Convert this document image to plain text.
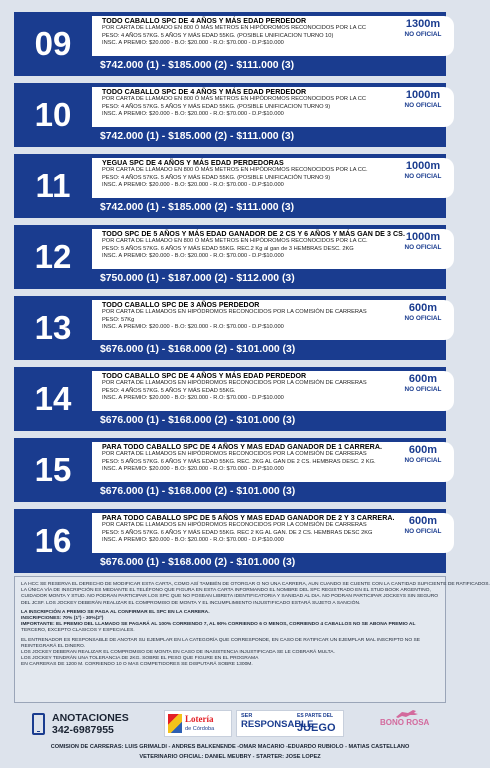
09
TODO CABALLO SPC DE 4 AÑOS Y MÁS EDAD PERDEDOR
POR CARTA DE LLAMADO EN 800 Ó MÁS METROS EN HIPÓDROMOS RECONOCIDOS POR LA CC
PESO: 4 AÑOS 57KG. 5 AÑOS Y MÁS EDAD 55KG. (POSIBLE UNIFICACION TURNO 10)
INSC. A PREMIO: $20.000 - B.O: $20.000 - R.O: $70.000 - D.P:$10.000
1300m
NO OFICIAL
$742.000 (1) - $185.000 (2) - $111.000 (3)
10
TODO CABALLO SPC DE 4 AÑOS Y MÁS EDAD PERDEDOR
POR CARTA DE LLAMADO EN 800 Ó MÁS METROS EN HIPÓDROMOS RECONOCIDOS POR LA CC
PESO: 4 AÑOS 57KG. 5 AÑOS Y MÁS EDAD 55KG. (POSIBLE UNIFICACION TURNO 9)
INSC. A PREMIO: $20.000 - B.O: $20.000 - R.O: $70.000 - D.P:$10.000
1000m
NO OFICIAL
$742.000 (1) - $185.000 (2) - $111.000 (3)
11
YEGUA SPC DE 4 AÑOS Y MÁS EDAD PERDEDORAS
POR CARTA DE LLAMADO EN 800 Ó MÁS METROS EN HIPÓDROMOS RECONOCIDOS POR LA CC.
PESO: 4 AÑOS 57KG. 5 AÑOS Y MÁS EDAD 55KG. (POSIBLE UNIFICACIÓN TURNO 9)
INSC. A PREMIO: $20.000 - B.O: $20.000 - R.O: $70.000 - D.P:$10.000
1000m
NO OFICIAL
$742.000 (1) - $185.000 (2) - $111.000 (3)
12
TODO SPC DE 5 AÑOS Y MÁS EDAD GANADOR DE 2 CS Y 6 AÑOS Y MÁS GAN DE 3 CS.
POR CARTA DE LLAMADO EN 800 Ó MÁS METROS EN HIPÓDROMOS RECONOCIDOS POR LA CC.
PESO: 5 AÑOS 57KG. 6 AÑOS Y MÁS EDAD 55KG. REC.2 Kg al gan de 3 HEMBRAS DESC. 2KG
INSC. A PREMIO: $20.000 - B.O: $20.000 - R.O: $70.000 - D.P:$10.000
1000m
NO OFICIAL
$750.000 (1) - $187.000 (2) - $112.000 (3)
13
TODO CABALLO SPC DE 3 AÑOS PERDEDOR
POR CARTA DE LLAMADOS EN HIPÓDROMOS RECONOCIDOS POR LA COMISIÓN DE CARRERAS
PESO: 57Kg
INSC. A PREMIO: $20.000 - B.O: $20.000 - R.O: $70.000 - D.P:$10.000
600m
NO OFICIAL
$676.000 (1) - $168.000 (2) - $101.000 (3)
14
TODO CABALLO SPC DE 4 AÑOS Y MÁS EDAD PERDEDOR
POR CARTA DE LLAMADOS EN HIPÓDROMOS RECONOCIDOS POR LA COMISIÓN DE CARRERAS
PESO: 4 AÑOS 57KG. 5 AÑOS Y MÁS EDAD 55KG.
INSC. A PREMIO: $20.000 - B.O: $20.000 - R.O: $70.000 - D.P:$10.000
600m
NO OFICIAL
$676.000 (1) - $168.000 (2) - $101.000 (3)
15
PARA TODO CABALLO SPC DE 4 AÑOS Y MAS EDAD GANADOR DE 1 CARRERA.
POR CARTA DE LLAMADOS EN HIPÓDROMOS RECONOCIDOS POR LA COMISIÓN DE CARRERAS
PESO: 5 AÑOS 57KG. 6 AÑOS Y MÁS EDAD 55KG. REC. 2KG AL GAN DE 2 CS. HEMBRAS DESC. 2 KG.
INSC. A PREMIO: $20.000 - B.O: $20.000 - R.O: $70.000 - D.P:$10.000
600m
NO OFICIAL
$676.000 (1) - $168.000 (2) - $101.000 (3)
16
PARA TODO CABALLO SPC DE 5 AÑOS Y MAS EDAD GANADOR DE 2 Y 3 CARRERA.
POR CARTA DE LLAMADOS EN HIPÓDROMOS RECONOCIDOS POR LA COMISIÓN DE CARRERAS
PESO: 5 AÑOS 57KG. 6 AÑOS Y MÁS EDAD 55KG. REC 2 KG AL GAN. DE 2 CS. HEMBRAS DESC 2KG
INSC. A PREMIO: $20.000 - B.O: $20.000 - R.O: $70.000 - D.P:$10.000
600m
NO OFICIAL
$676.000 (1) - $168.000 (2) - $101.000 (3)

LA HCC SE RESERVA EL DERECHO DE MODIFICAR ESTA CARTA, COMO ASÍ TAMBIÉN DE OTORGAR O NO UNA CARRERA, AUN CUANDO SE CUENTE CON LA CANTIDAD SUFICIENTE DE RATIFICADOS.

LA ÚNICA VÍA DE INSCRIPCIÓN ES MEDIANTE EL TELÉFONO QUE FIGURA EN ESTA CARTA INFORMANDO EL NOMBRE DEL SPC REGISTRADO EN EL STUD BOOK ARGENTINO,

CUIDADOR MONTA Y STUD. NO PODRAN PARTICIPAR LOS SPC QUE NO POSEAN LIBRETA IDENTIFICATORIA Y SANIDAD AL DIA. NO PODRAN PARTICIPAR JOCKEYS SIN SEGURO

DEL JCSF. LOS JOCKEY DEBERÁN REALIZAR EL COMPROMISO DE MONTA Y EL INCUMPLIMIENTO INJUSTIFICADO ESTARÁ SUJETO A SANCIÓN.

LA INSCRIPCIÓN A PREMIO SE PAGA AL CONFIRMAR EL SPC EN LA CARRERA.

INSCRIPCIONES: 70% (1º) - 30%(2º)

IMPORTANTE: EL PREMIO DEL LLAMADO SE PAGARÁ AL 100% CORRIENDO 7, AL 90% CORRIENDO 6 O MENOS, CORRIENDO 4 CABALLOS NO SE ABONA PREMIO AL

TERCERO, EXCEPTO CLASICOS Y ESPECIALES.

EL ENTRENADOR ES RESPONSABLE DE ANOTAR SU EJEMPLAR EN LA CATEGORÍA QUE CORRESPONDE, EN CASO DE RATIFICAR UN EJEMPLAR MAL INSCRIPTO NO SE

REINTEGRARÁ EL DINERO.

LOS JOCKEY DEBERAN REALIZAR EL COMPROMISO DE MONTA EN CASO DE INASISTENCIA INJUSTIFICADA SE LE COBRARÁ MULTA.

LOS JOCKEY TENDRÁN UNA TOLERANCIA DE 2KG. SOBRE EL PESO QUE FIGURE EN EL PROGRAMA

EN CARRERAS DE 1200 M. CORRIENDO 10 O MAS COMPETIDORES SE DISPUTARÁ SOBRE 1300M.

ANOTACIONES
342-6987955
Lotería
de Córdoba
SER
RESPONSABLE
ES PARTE DEL
JUEGO	BONO ROSA
COMISION DE CARRERAS: LUIS GRIMALDI - ANDRES BALKENENDE -OMAR MACARIO -EDUARDO RUBIOLO - MATIAS CASTELLANO
VETERINARIO OFICIAL: DANIEL MEUBRY - STARTER: JOSE LOPEZ
